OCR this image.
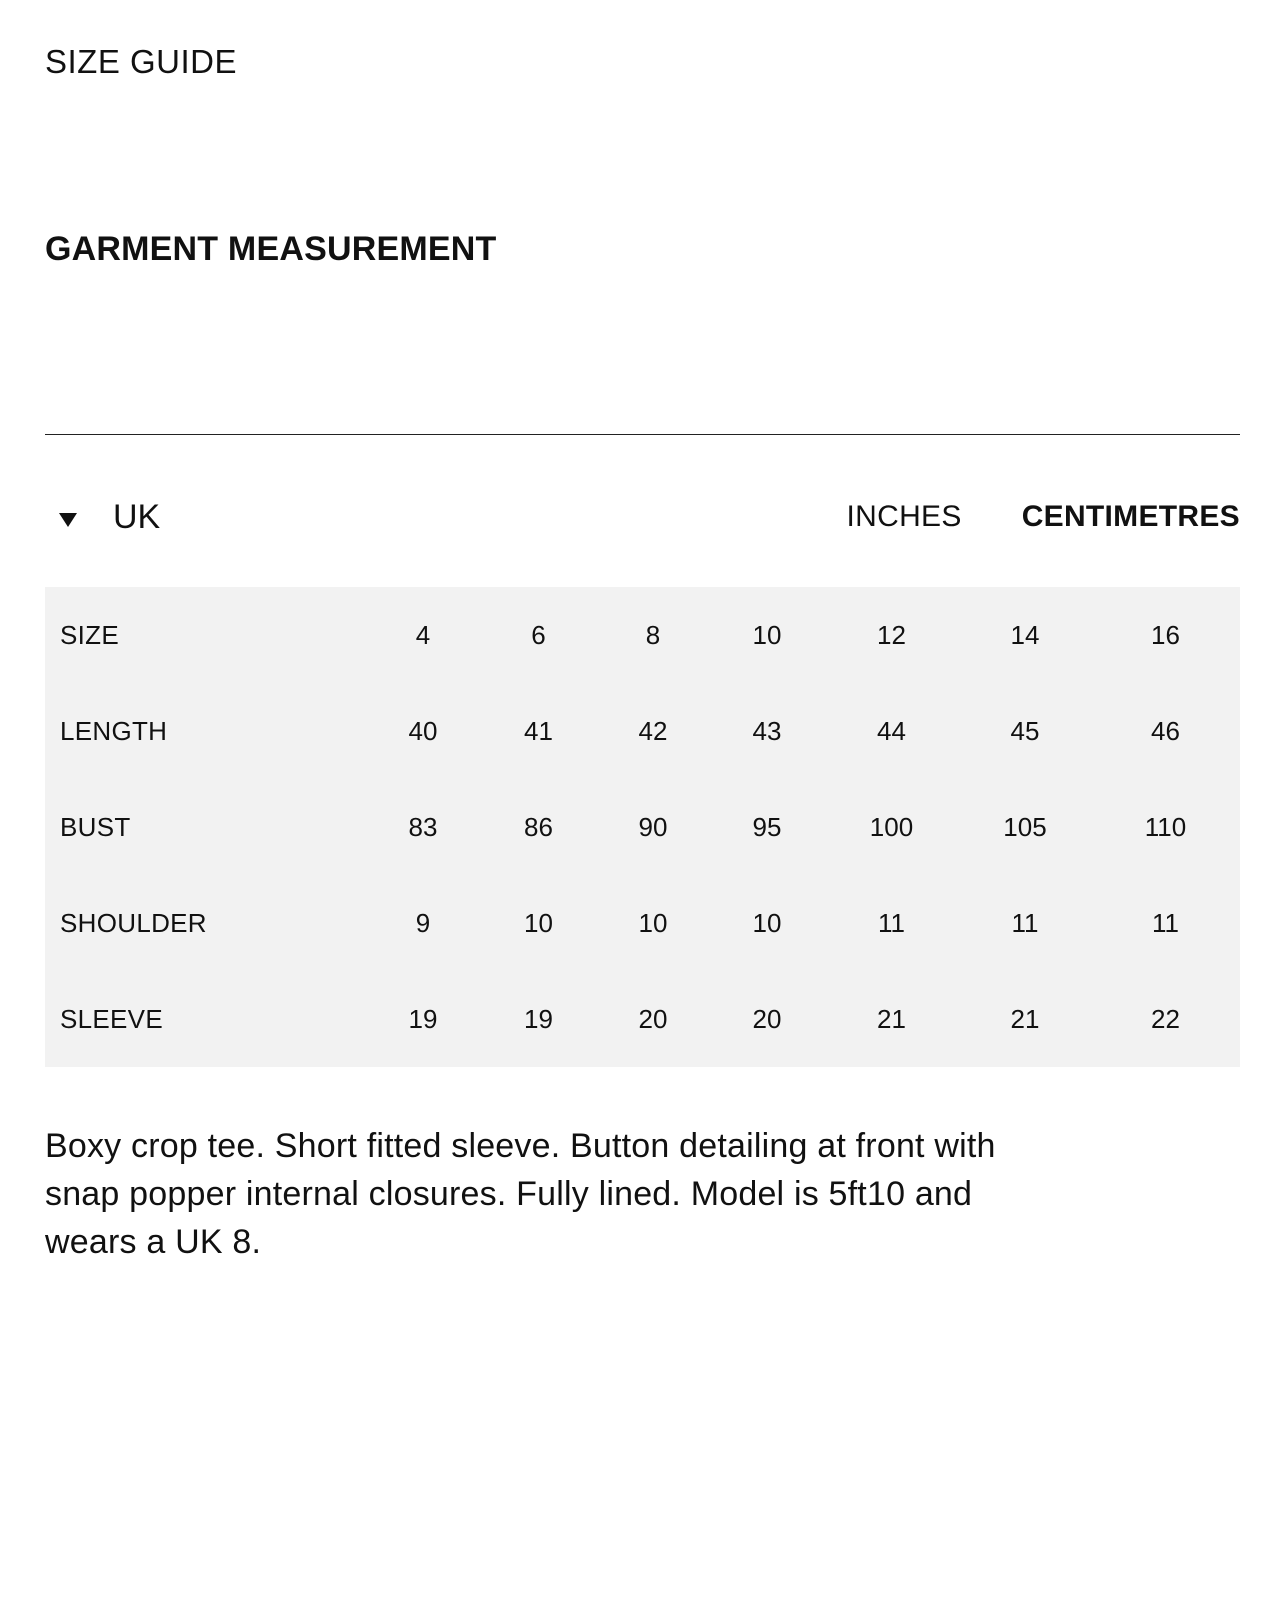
SIZE GUIDE
GARMENT MEASUREMENT
UK	INCHES CENTIMETRES
SIZE	4	6	8	10	12	14	16
LENGTH	40	41	42	43	44	45	46
BUST	83	86	90	95	100	105	110
SHOULDER	9	10	10	10	11	11	11
SLEEVE	19	19	20	20	21	21	22

Boxy crop tee. Short fitted sleeve. Button detailing at front with snap popper internal closures. Fully lined. Model is 5ft10 and wears a UK 8.
